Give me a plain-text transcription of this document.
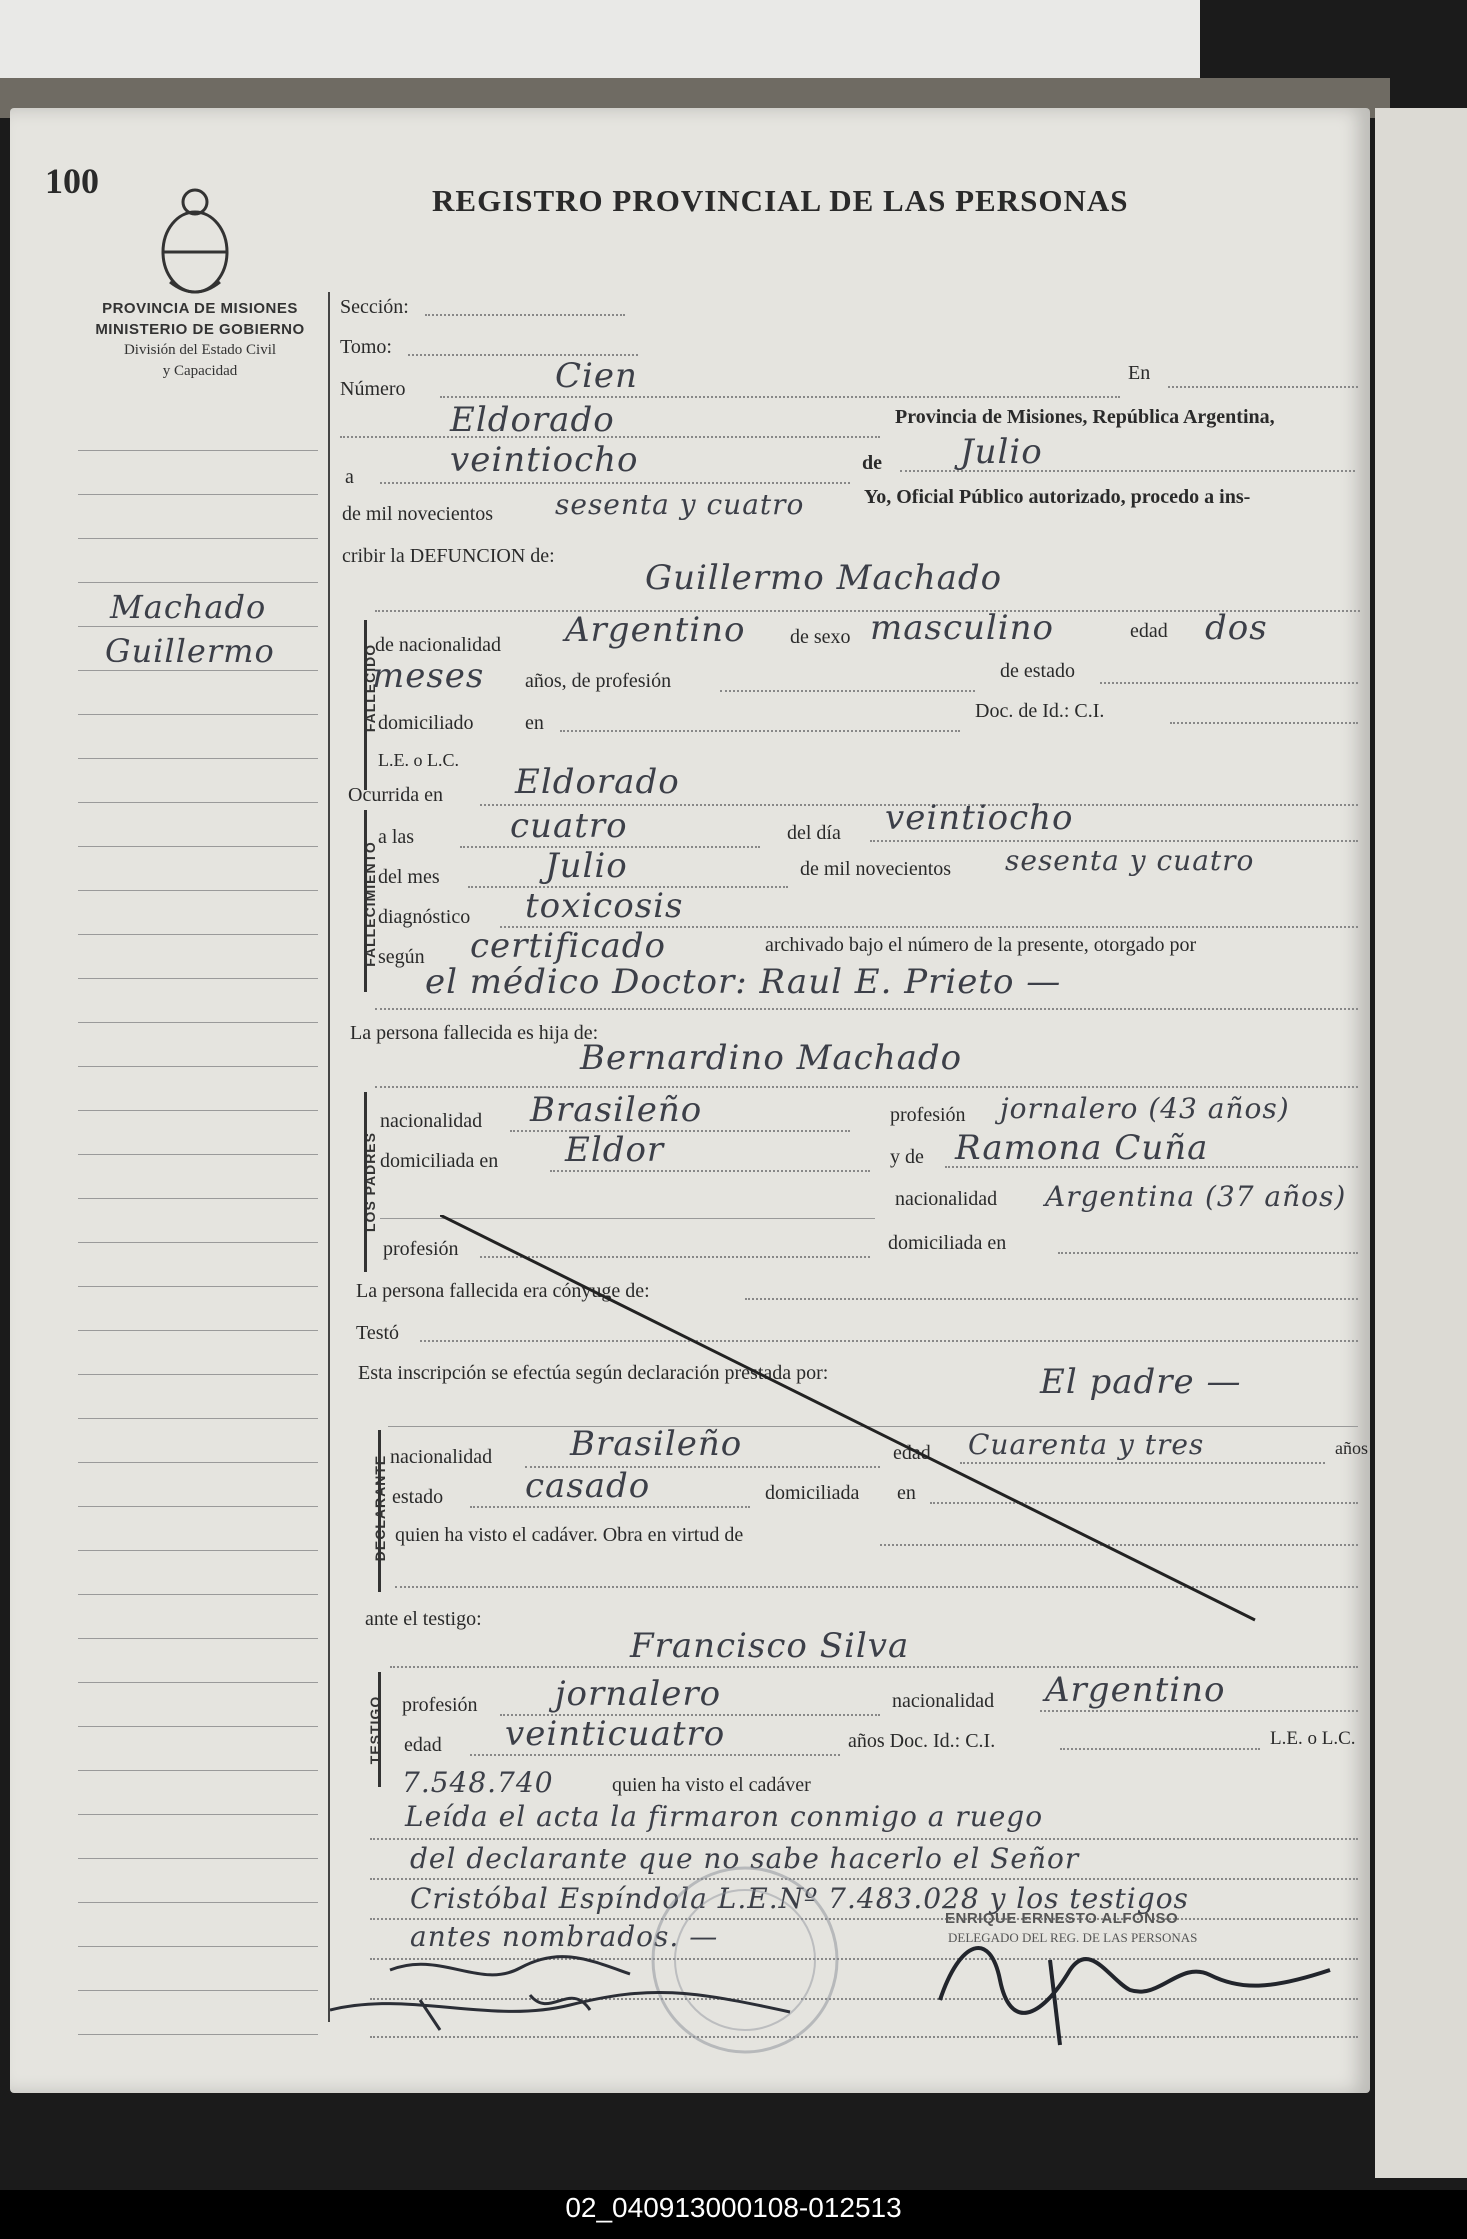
100	REGISTRO PROVINCIAL DE LAS PERSONAS
PROVINCIA DE MISIONES
MINISTERIO DE GOBIERNO
División del Estado Civil
y Capacidad
Machado
Guillermo
Sección:
Tomo:
Número	Cien	En
Eldorado	Provincia de Misiones, República Argentina,
a	veintiocho	de Julio
de mil novecientos sesenta y cuatro	Yo, Oficial Público autorizado, procedo a ins-
cribir la DEFUNCION de:
Guillermo Machado
FALLECIDO
de nacionalidad Argentino de sexo masculino	edad dos
meses años, de profesión	de estado
domiciliado	en
Doc. de Id.: C.I.
L.E. o L.C.
Ocurrida en Eldorado
FALLECIMIENTO
a las	cuatro	del día veintiocho
del mes	Julio	de mil novecientos sesenta y cuatro
diagnóstico toxicosis
según certificado	archivado bajo el número de la presente, otorgado por
el médico Doctor: Raul E. Prieto —
La persona fallecida es hija de:
Bernardino Machado
LOS PADRES
nacionalidad Brasileño	profesión jornalero (43 años)
domiciliada en Eldor	y de Ramona Cuña
nacionalidad Argentina (37 años)
profesión	domiciliada en
La persona fallecida era cónyuge de:
Testó
Esta inscripción se efectúa según declaración prestada por:	El padre —
DECLARANTE nacionalidad Brasileño	edad Cuarenta y tres	años
estado casado	domiciliada en
quien ha visto el cadáver. Obra en virtud de
ante el testigo:
Francisco Silva
TESTIGO profesión jornalero	nacionalidad Argentino
edad veinticuatro	años Doc. Id.: C.I.	L.E. o L.C.
7.548.740	quien ha visto el cadáver
Leída el acta la firmaron conmigo a ruego
del declarante que no sabe hacerlo el Señor
Cristóbal Espíndola L.E.Nº 7.483.028 y los testigos
antes nombrados. —
ENRIQUE ERNESTO ALFONSO
DELEGADO DEL REG. DE LAS PERSONAS
02_040913000108-012513
